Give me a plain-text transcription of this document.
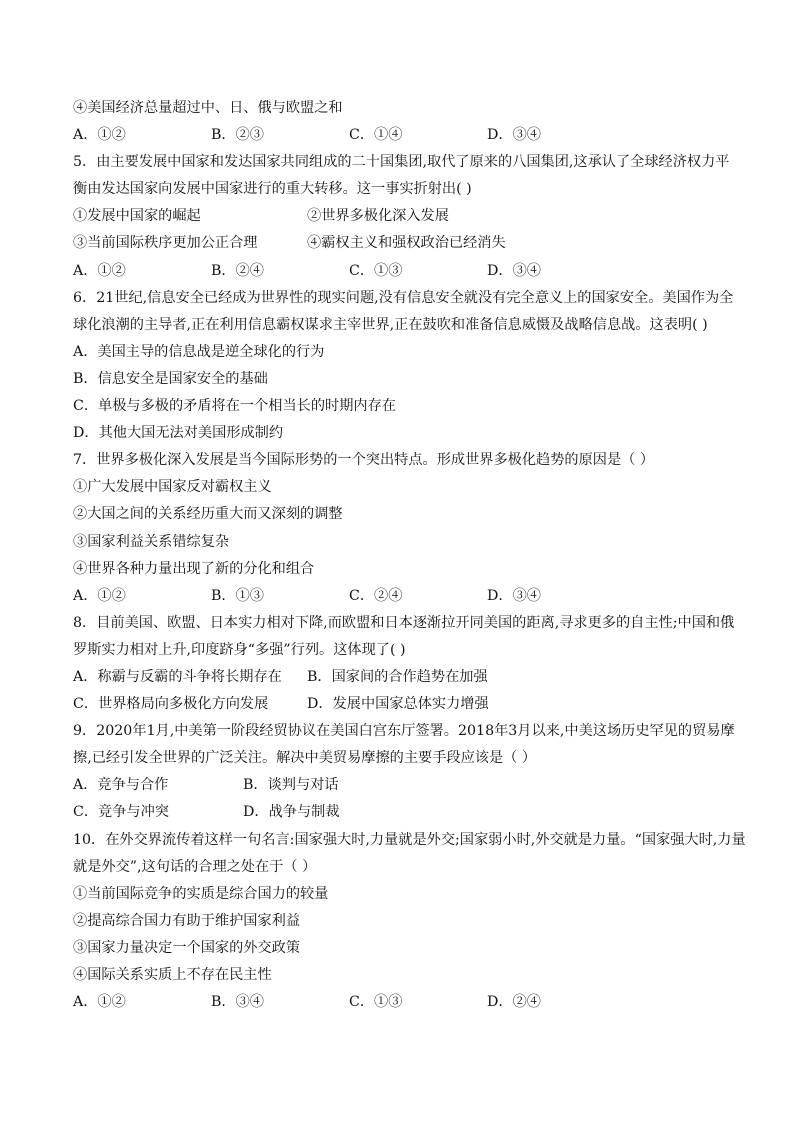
④美国经济总量超过中、日、俄与欧盟之和

A．①②	B．②③	C．①④	D．③④

5．由主要发展中国家和发达国家共同组成的二十国集团,取代了原来的八国集团,这承认了全球经济权力平

衡由发达国家向发展中国家进行的重大转移。这一事实折射出( )

①发展中国家的崛起	②世界多极化深入发展
③当前国际秩序更加公正合理	④霸权主义和强权政治已经消失
A．①②	B．②④	C．①③	D．③④

6．21世纪,信息安全已经成为世界性的现实问题,没有信息安全就没有完全意义上的国家安全。美国作为全

球化浪潮的主导者,正在利用信息霸权谋求主宰世界,正在鼓吹和准备信息威慑及战略信息战。这表明( )

A．美国主导的信息战是逆全球化的行为

B．信息安全是国家安全的基础

C．单极与多极的矛盾将在一个相当长的时期内存在

D．其他大国无法对美国形成制约

7．世界多极化深入发展是当今国际形势的一个突出特点。形成世界多极化趋势的原因是（ ）

①广大发展中国家反对霸权主义

②大国之间的关系经历重大而又深刻的调整

③国家利益关系错综复杂

④世界各种力量出现了新的分化和组合

A．①②	B．①③	C．②④	D．③④

8．目前美国、欧盟、日本实力相对下降,而欧盟和日本逐渐拉开同美国的距离,寻求更多的自主性;中国和俄

罗斯实力相对上升,印度跻身“多强”行列。这体现了( )

A．称霸与反霸的斗争将长期存在	B．国家间的合作趋势在加强
C．世界格局向多极化方向发展	D．发展中国家总体实力增强

9．2020年1月,中美第一阶段经贸协议在美国白宫东厅签署。2018年3月以来,中美这场历史罕见的贸易摩

擦,已经引发全世界的广泛关注。解决中美贸易摩擦的主要手段应该是（ ）

A．竞争与合作	B．谈判与对话
C．竞争与冲突	D．战争与制裁

10．在外交界流传着这样一句名言:国家强大时,力量就是外交;国家弱小时,外交就是力量。“国家强大时,力量

就是外交”,这句话的合理之处在于（ ）

①当前国际竞争的实质是综合国力的较量

②提高综合国力有助于维护国家利益

③国家力量决定一个国家的外交政策

④国际关系实质上不存在民主性

A．①②	B．③④	C．①③	D．②④
